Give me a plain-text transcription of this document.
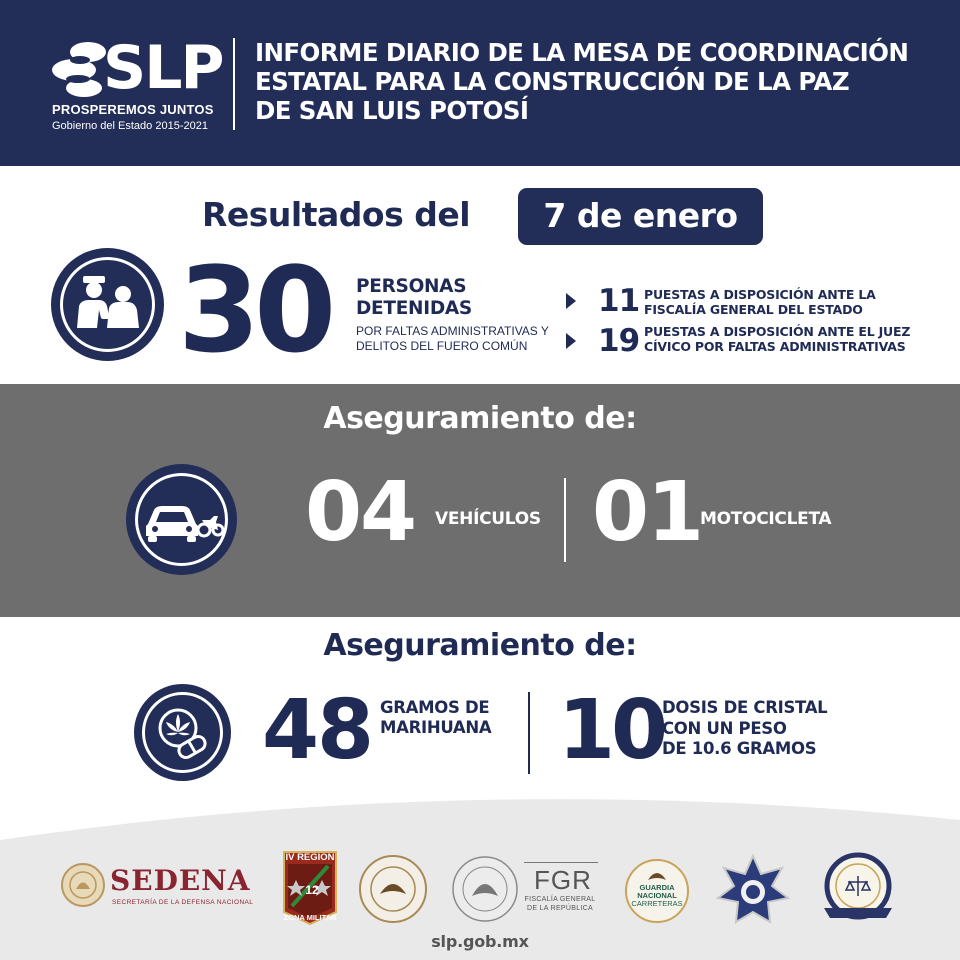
SLP
PROSPEREMOS JUNTOS
Gobierno del Estado 2015-2021
INFORME DIARIO DE LA MESA DE COORDINACIÓN
ESTATAL PARA LA CONSTRUCCIÓN DE LA PAZ
DE SAN LUIS POTOSÍ
Resultados del	7 de enero
30 PERSONAS
DETENIDAS
POR FALTAS ADMINISTRATIVAS Y
DELITOS DEL FUERO COMÚN
11 PUESTAS A DISPOSICIÓN ANTE LA
FISCALÍA GENERAL DEL ESTADO
19 PUESTAS A DISPOSICIÓN ANTE EL JUEZ
CÍVICO POR FALTAS ADMINISTRATIVAS
Aseguramiento de:
04 VEHÍCULOS 01
MOTOCICLETA
Aseguramiento de:
48 GRAMOS DE
MARIHUANA 10
DOSIS DE CRISTAL
CON UN PESO
DE 10.6 GRAMOS
SEDENA
SECRETARÍA DE LA DEFENSA NACIONAL
IV REGION
12
ZONA MILITAR
FGR
FISCALÍA GENERAL
DE LA REPÚBLICA
GUARDIA
NACIONAL
CARRETERAS
slp.gob.mx
